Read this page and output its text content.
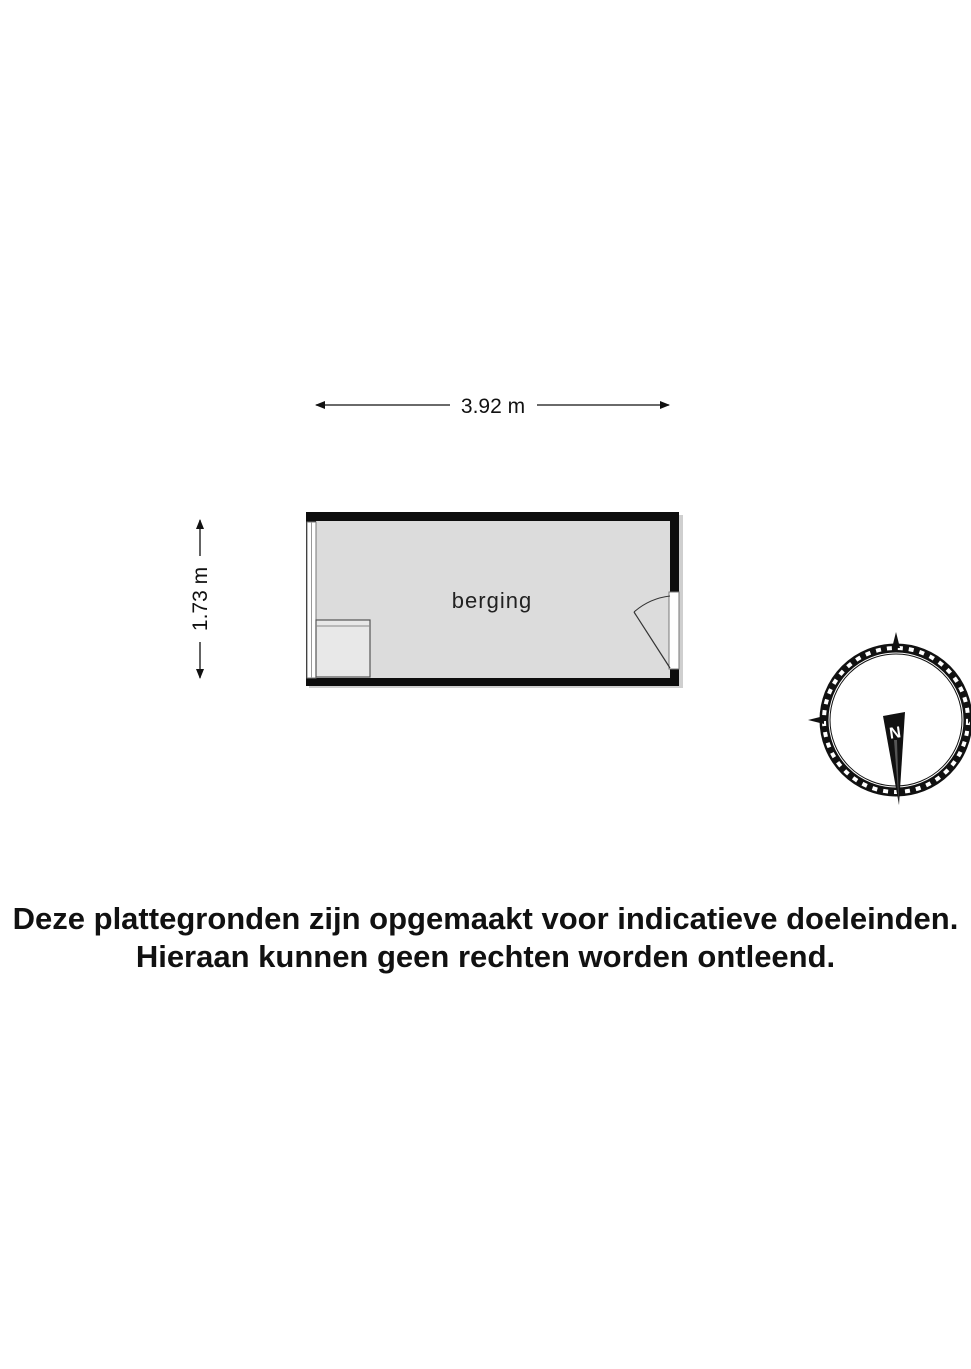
3.92 m
1.73 m	berging
N
Deze plattegronden zijn opgemaakt voor indicatieve doeleinden.
Hieraan kunnen geen rechten worden ontleend.
